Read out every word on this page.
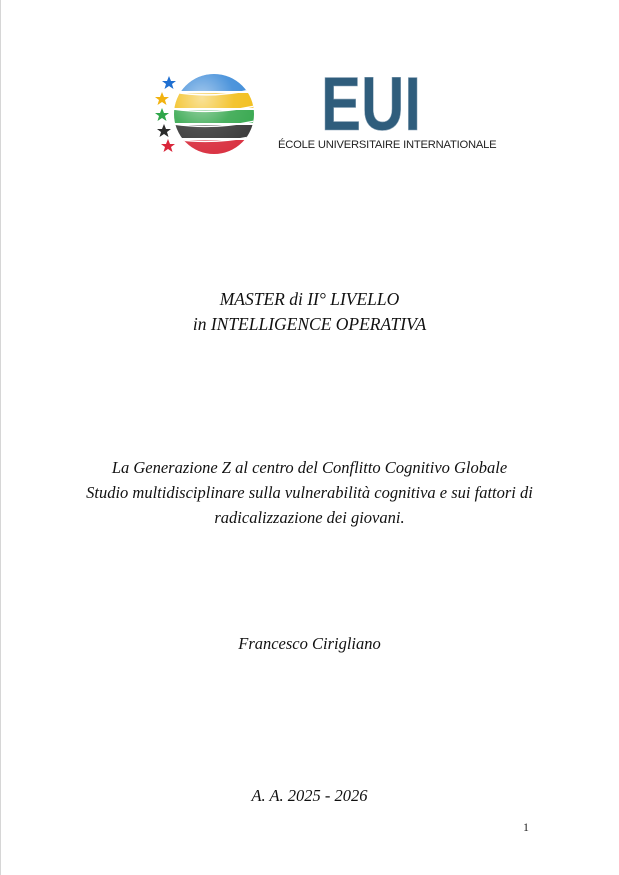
EUI
ÉCOLE UNIVERSITAIRE INTERNATIONALE
MASTER di II° LIVELLO
in INTELLIGENCE OPERATIVA
La Generazione Z al centro del Conflitto Cognitivo Globale
Studio multidisciplinare sulla vulnerabilità cognitiva e sui fattori di
radicalizzazione dei giovani.
Francesco Cirigliano
A. A. 2025 - 2026
1
